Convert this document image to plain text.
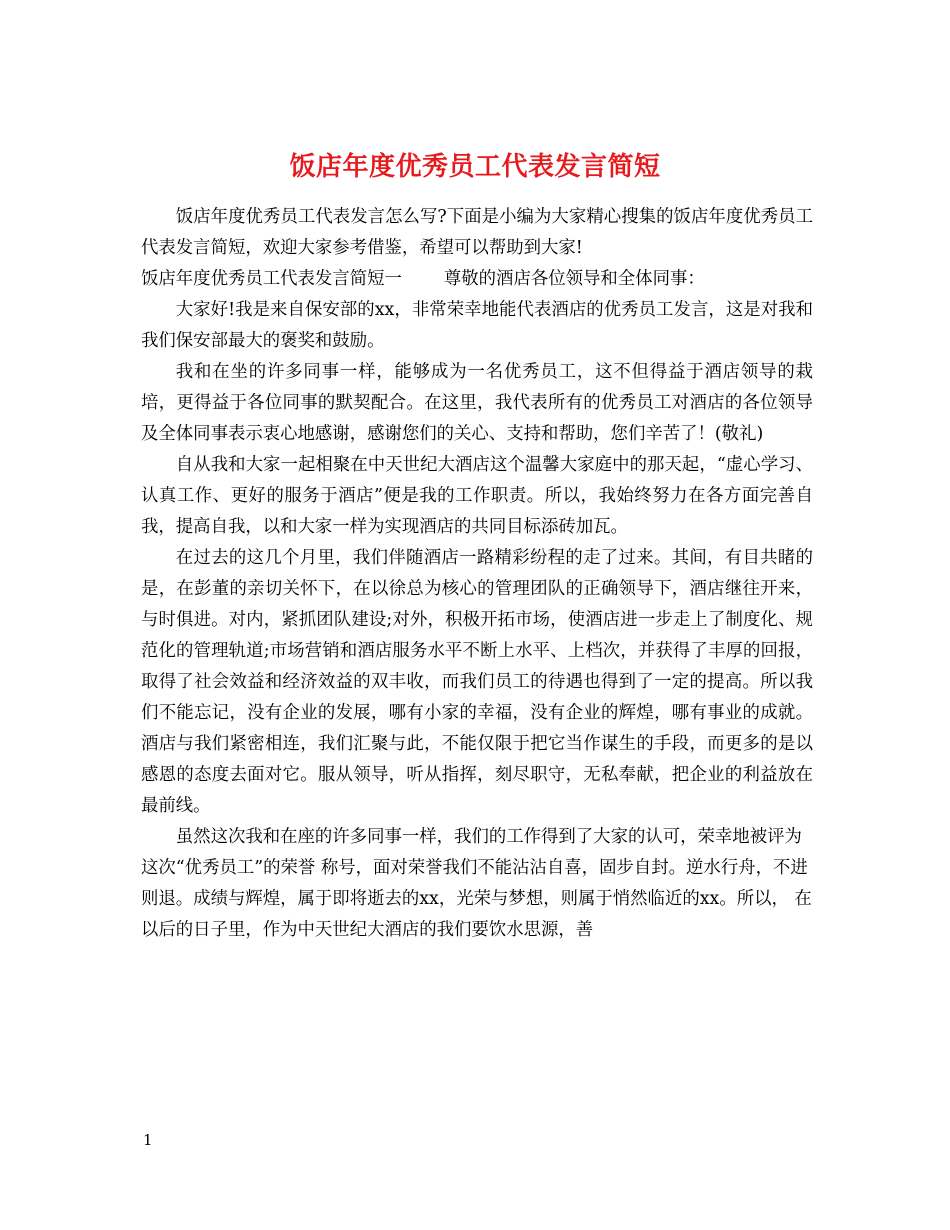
饭店年度优秀员工代表发言简短

饭店年度优秀员工代表发言怎么写?下面是小编为大家精心搜集的饭店年度优秀员工代表发言简短，欢迎大家参考借鉴，希望可以帮助到大家!

饭店年度优秀员工代表发言简短一 尊敬的酒店各位领导和全体同事：

大家好!我是来自保安部的xx，非常荣幸地能代表酒店的优秀员工发言，这是对我和我们保安部最大的褒奖和鼓励。

我和在坐的许多同事一样，能够成为一名优秀员工，这不但得益于酒店领导的栽培，更得益于各位同事的默契配合。在这里，我代表所有的优秀员工对酒店的各位领导及全体同事表示衷心地感谢，感谢您们的关心、支持和帮助，您们辛苦了！(敬礼)

自从我和大家一起相聚在中天世纪大酒店这个温馨大家庭中的那天起，“虚心学习、认真工作、更好的服务于酒店”便是我的工作职责。所以，我始终努力在各方面完善自我，提高自我，以和大家一样为实现酒店的共同目标添砖加瓦。

在过去的这几个月里，我们伴随酒店一路精彩纷程的走了过来。其间，有目共睹的是，在彭董的亲切关怀下，在以徐总为核心的管理团队的正确领导下，酒店继往开来，与时俱进。对内，紧抓团队建设;对外，积极开拓市场，使酒店进一步走上了制度化、规范化的管理轨道;市场营销和酒店服务水平不断上水平、上档次，并获得了丰厚的回报，取得了社会效益和经济效益的双丰收，而我们员工的待遇也得到了一定的提高。所以我们不能忘记，没有企业的发展，哪有小家的幸福，没有企业的辉煌，哪有事业的成就。酒店与我们紧密相连，我们汇聚与此，不能仅限于把它当作谋生的手段，而更多的是以感恩的态度去面对它。服从领导，听从指挥，刻尽职守，无私奉献，把企业的利益放在最前线。

虽然这次我和在座的许多同事一样，我们的工作得到了大家的认可，荣幸地被评为这次“优秀员工”的荣誉 称号，面对荣誉我们不能沾沾自喜，固步自封。逆水行舟，不进则退。成绩与辉煌，属于即将逝去的xx，光荣与梦想，则属于悄然临近的xx。所以， 在以后的日子里，作为中天世纪大酒店的我们要饮水思源，善

1
